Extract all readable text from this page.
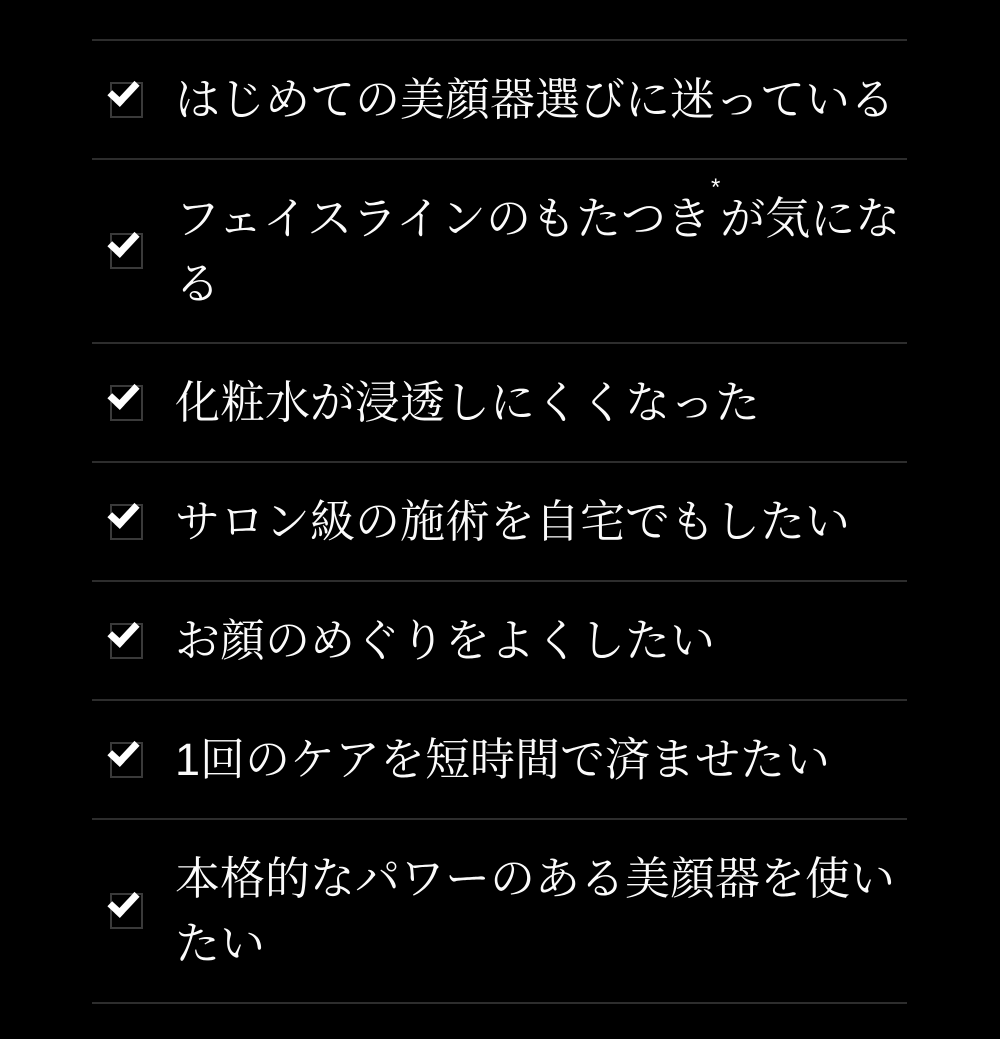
はじめての美顔器選びに迷っている
フェイスラインのもたつき*が気になる
化粧水が浸透しにくくなった
サロン級の施術を自宅でもしたい
お顔のめぐりをよくしたい
1回のケアを短時間で済ませたい
本格的なパワーのある美顔器を使いたい
